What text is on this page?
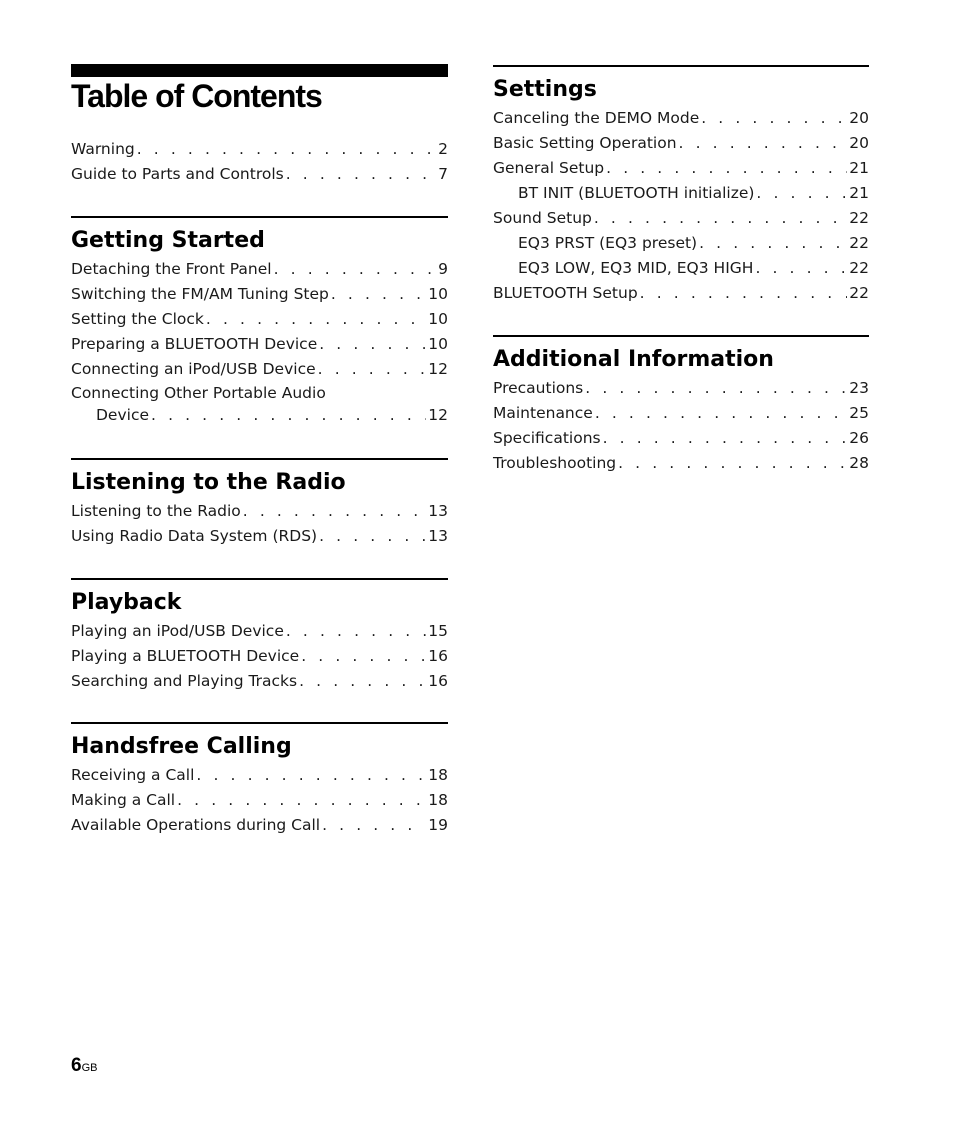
Table of Contents
Warning . . .	2
Guide to Parts and Controls . . .	7
Getting Started
Detaching the Front Panel . . .	9
Switching the FM/AM Tuning Step . . .	10
Setting the Clock . . .	10
Preparing a BLUETOOTH Device . . .	10
Connecting an iPod/USB Device . . .	12
Connecting Other Portable Audio
Device . . .	12
Listening to the Radio
Listening to the Radio . . .	13
Using Radio Data System (RDS) . . .	13
Playback
Playing an iPod/USB Device . . .	15
Playing a BLUETOOTH Device . . .	16
Searching and Playing Tracks . . .	16
Handsfree Calling
Receiving a Call . . .	18
Making a Call . . .	18
Available Operations during Call . . .	19
Settings
Canceling the DEMO Mode . . .	20
Basic Setting Operation . . .	20
General Setup . . .	21
BT INIT (BLUETOOTH initialize) . . .	21
Sound Setup . . .	22
EQ3 PRST (EQ3 preset) . . .	22
EQ3 LOW, EQ3 MID, EQ3 HIGH . . .	22
BLUETOOTH Setup . . .	22
Additional Information
Precautions . . .	23
Maintenance . . .	25
Specifications . . .	26
Troubleshooting . . .	28
6GB
